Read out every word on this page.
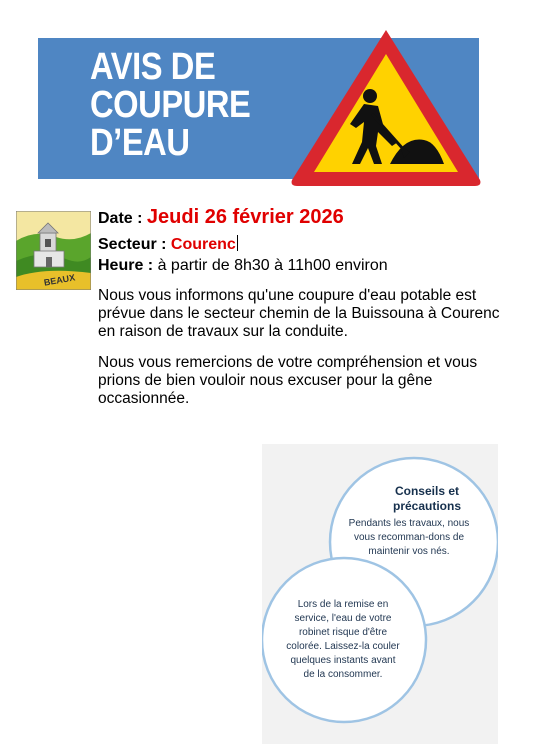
AVIS DE
COUPURE
D’EAU
BEAUX
Date : Jeudi 26 février 2026
Secteur : Courenc
Heure : à partir de 8h30 à 11h00 environ
Nous vous informons qu'une coupure d'eau potable est prévue dans le secteur chemin de la Buissouna à Courenc en raison de travaux sur la conduite.
Nous vous remercions de votre compréhension et vous prions de bien vouloir nous excuser pour la gêne occasionnée.
Conseils et précautions
Pendants les travaux, nous vous recomman-dons de maintenir vos nés.
Lors de la remise en service, l'eau de votre robinet risque d'être colorée. Laissez-la couler quelques instants avant de la consommer.
